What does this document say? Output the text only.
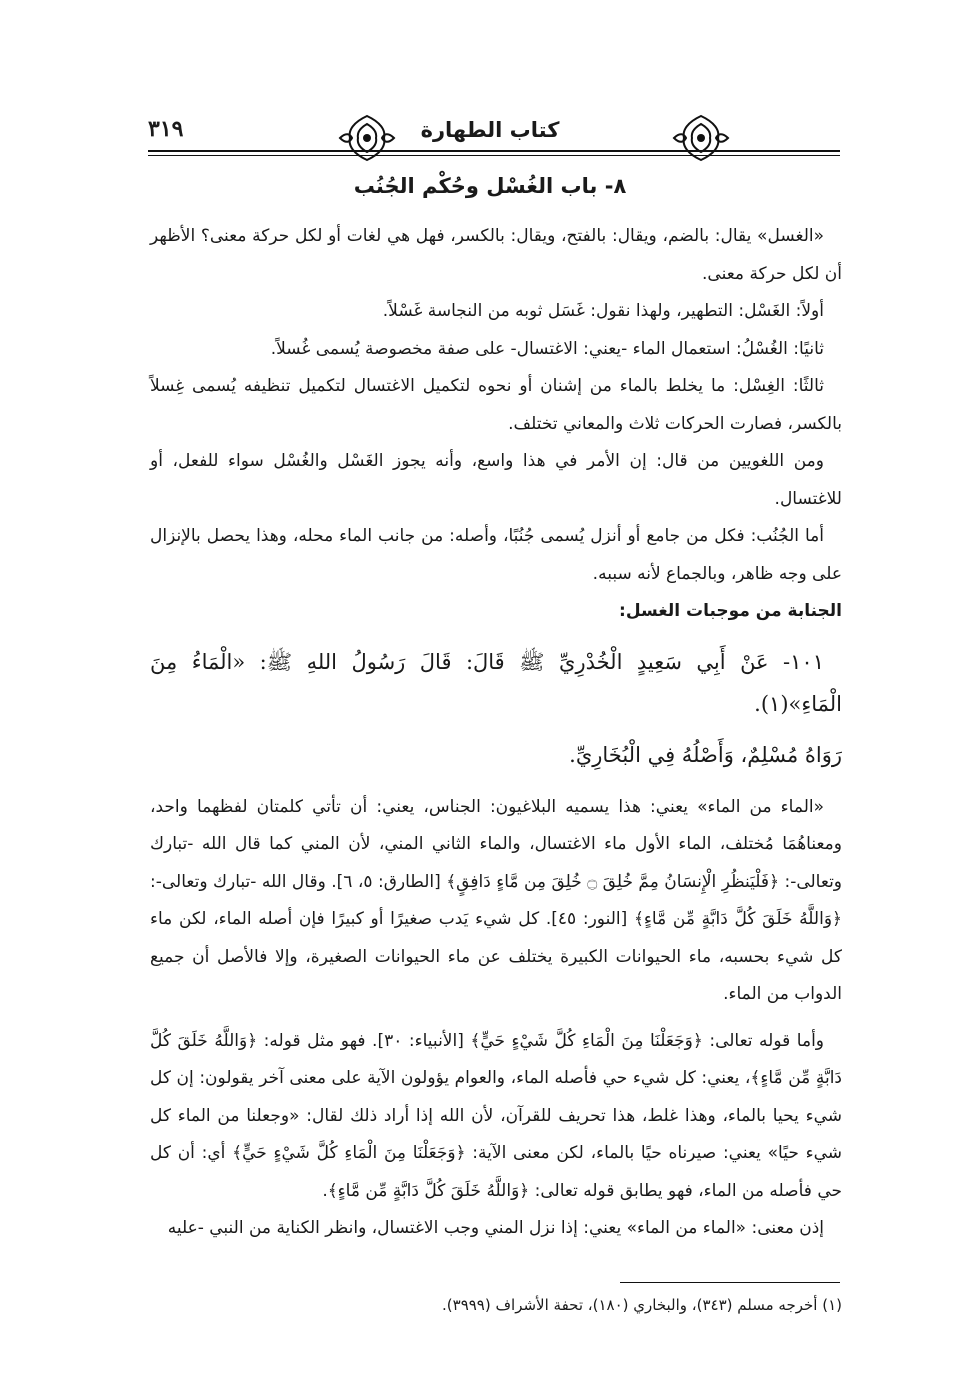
٣١٩	كتاب الطهارة
٨- باب الغُسْل وحُكْم الجُنُب

«الغسل» يقال: بالضم، ويقال: بالفتح، ويقال: بالكسر، فهل هي لغات أو لكل حركة معنى؟ الأظهر أن لكل حركة معنى.

أولاً: الغَسْل: التطهير، ولهذا نقول: غَسَل ثوبه من النجاسة غَسْلاً.

ثانيًا: الغُسْلُ: استعمال الماء -يعني: الاغتسال- على صفة مخصوصة يُسمى غُسلاً.

ثالثًا: الغِسْل: ما يخلط بالماء من إشنان أو نحوه لتكميل الاغتسال لتكميل تنظيفه يُسمى غِسلاً بالكسر، فصارت الحركات ثلاث والمعاني تختلف.

ومن اللغويين من قال: إن الأمر في هذا واسع، وأنه يجوز الغَسْل والغُسْل سواء للفعل، أو للاغتسال.

أما الجُنُب: فكل من جامع أو أنزل يُسمى جُنُبًا، وأصله: من جانب الماء محله، وهذا يحصل بالإنزال على وجه ظاهر، وبالجماع لأنه سببه.

الجنابة من موجبات الغسل:

١٠١- عَنْ أَبِي سَعِيدٍ الْخُدْرِيِّ ﷺ قَالَ: قَالَ رَسُولُ اللهِ ﷺ: «الْمَاءُ مِنَ الْمَاءِ»(١).

رَوَاهُ مُسْلِمٌ، وَأَصْلُهُ فِي الْبُخَارِيِّ.

«الماء من الماء» يعني: هذا يسميه البلاغيون: الجناس، يعني: أن تأتي كلمتان لفظهما واحد، ومعناهُمَا مُختلف، الماء الأول ماء الاغتسال، والماء الثاني المني، لأن المني كما قال الله -تبارك وتعالى-: ﴿فَلْيَنظُرِ الْإِنسَانُ مِمَّ خُلِقَ ۝ خُلِقَ مِن مَّاءٍ دَافِقٍ﴾ [الطارق: ٥، ٦]. وقال الله -تبارك وتعالى-: ﴿وَاللَّهُ خَلَقَ كُلَّ دَابَّةٍ مِّن مَّاءٍ﴾ [النور: ٤٥]. كل شيء يَدب صغيرًا أو كبيرًا فإن أصله الماء، لكن ماء كل شيء بحسبه، ماء الحيوانات الكبيرة يختلف عن ماء الحيوانات الصغيرة، وإلا فالأصل أن جميع الدواب من الماء.

وأما قوله تعالى: ﴿وَجَعَلْنَا مِنَ الْمَاءِ كُلَّ شَيْءٍ حَيٍّ﴾ [الأنبياء: ٣٠]. فهو مثل قوله: ﴿وَاللَّهُ خَلَقَ كُلَّ دَابَّةٍ مِّن مَّاءٍ﴾، يعني: كل شيء حي فأصله الماء، والعوام يؤولون الآية على معنى آخر يقولون: إن كل شيء يحيا بالماء، وهذا غلط، هذا تحريف للقرآن، لأن الله إذا أراد ذلك لقال: «وجعلنا من الماء كل شيء حيًا» يعني: صيرناه حيًا بالماء، لكن معنى الآية: ﴿وَجَعَلْنَا مِنَ الْمَاءِ كُلَّ شَيْءٍ حَيٍّ﴾ أي: أن كل حي فأصله من الماء، فهو يطابق قوله تعالى: ﴿وَاللَّهُ خَلَقَ كُلَّ دَابَّةٍ مِّن مَّاءٍ﴾.

إذن معنى: «الماء من الماء» يعني: إذا نزل المني وجب الاغتسال، وانظر الكناية من النبي -عليه

(١) أخرجه مسلم (٣٤٣)، والبخاري (١٨٠)، تحفة الأشراف (٣٩٩٩).
